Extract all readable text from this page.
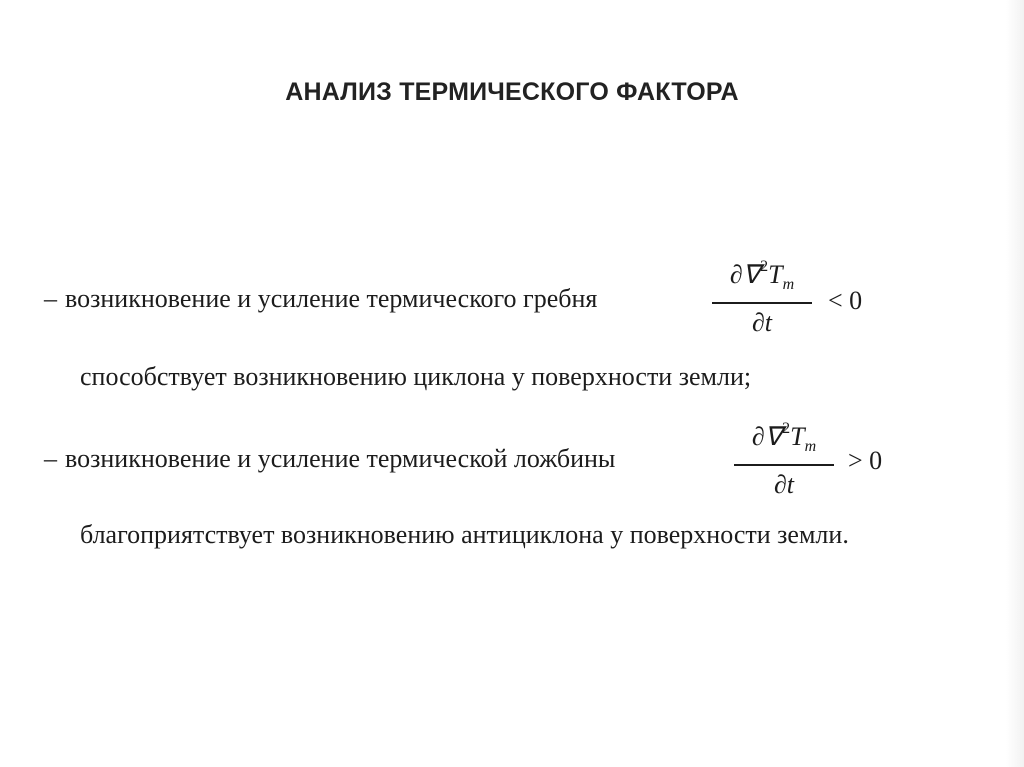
АНАЛИЗ ТЕРМИЧЕСКОГО ФАКТОРА
– возникновение и усиление термического гребня
$\partial\nabla^2T_m$
∂t
< 0
способствует возникновению циклона у поверхности земли;
– возникновение и усиление термической ложбины
$\partial\nabla^2T_m$
∂t
> 0
благоприятствует возникновению антициклона у поверхности земли.
